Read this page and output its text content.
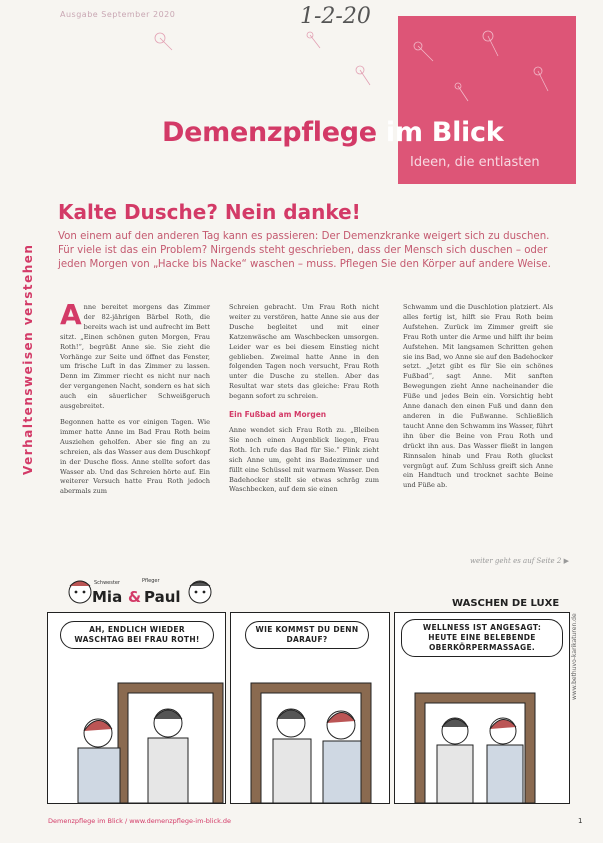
Ausgabe September 2020	1-2-20
Demenzpflege im Blick
Ideen, die entlasten
Verhaltensweisen verstehen
Kalte Dusche? Nein danke!
Von einem auf den anderen Tag kann es passieren: Der Demenzkranke weigert sich zu duschen. Für viele ist das ein Problem? Nirgends steht geschrieben, dass der Mensch sich duschen – oder jeden Morgen von „Hacke bis Nacke“ waschen – muss. Pflegen Sie den Körper auf andere Weise.

Anne bereitet morgens das Zimmer der 82-jährigen Bärbel Roth, die bereits wach ist und aufrecht im Bett sitzt. „Einen schönen guten Morgen, Frau Roth!“, begrüßt Anne sie. Sie zieht die Vorhänge zur Seite und öffnet das Fenster, um frische Luft in das Zimmer zu lassen. Denn im Zimmer riecht es nicht nur nach der vergangenen Nacht, sondern es hat sich auch ein säuerlicher Schweißgeruch ausgebreitet.

Begonnen hatte es vor einigen Tagen. Wie immer hatte Anne im Bad Frau Roth beim Ausziehen geholfen. Aber sie fing an zu schreien, als das Wasser aus dem Duschkopf in der Dusche floss. Anne stellte sofort das Wasser ab. Und das Schreien hörte auf. Ein weiterer Versuch hatte Frau Roth jedoch abermals zum

Schreien gebracht. Um Frau Roth nicht weiter zu verstören, hatte Anne sie aus der Dusche begleitet und mit einer Katzenwäsche am Waschbecken umsorgen. Leider war es bei diesem Einstieg nicht geblieben. Zweimal hatte Anne in den folgenden Tagen noch versucht, Frau Roth unter die Dusche zu stellen. Aber das Resultat war stets das gleiche: Frau Roth begann sofort zu schreien.

Ein Fußbad am Morgen

Anne wendet sich Frau Roth zu. „Bleiben Sie noch einen Augenblick liegen, Frau Roth. Ich rufe das Bad für Sie.“ Flink zieht sich Anne um, geht ins Badezimmer und füllt eine Schüssel mit warmem Wasser. Den Badehocker stellt sie etwas schräg zum Waschbecken, auf dem sie einen

Schwamm und die Duschlotion platziert. Als alles fertig ist, hilft sie Frau Roth beim Aufstehen. Zurück im Zimmer greift sie Frau Roth unter die Arme und hilft ihr beim Aufstehen. Mit langsamen Schritten gehen sie ins Bad, wo Anne sie auf den Badehocker setzt. „Jetzt gibt es für Sie ein schönes Fußbad“, sagt Anne. Mit sanften Bewegungen zieht Anne nacheinander die Füße und jedes Bein ein. Vorsichtig hebt Anne danach den einen Fuß und dann den anderen in die Fußwanne. Schließlich taucht Anne den Schwamm ins Wasser, führt ihn über die Beine von Frau Roth und drückt ihn aus. Das Wasser fließt in langen Rinnsalen hinab und Frau Roth gluckst vergnügt auf. Zum Schluss greift sich Anne ein Handtuch und trocknet sachte Beine und Füße ab.

weiter geht es auf Seite 2 ▶
Schwester	Pfleger
Mia & Paul	WASCHEN DE LUXE
AH, ENDLICH WIEDER WASCHTAG BEI FRAU ROTH!
WIE KOMMST DU DENN DARAUF?
WELLNESS IST ANGESAGT: HEUTE EINE BELEBENDE OBERKÖRPERMASSAGE.	www.bethuvo-karikaturen.de
Demenzpflege im Blick / www.demenzpflege-im-blick.de	1
